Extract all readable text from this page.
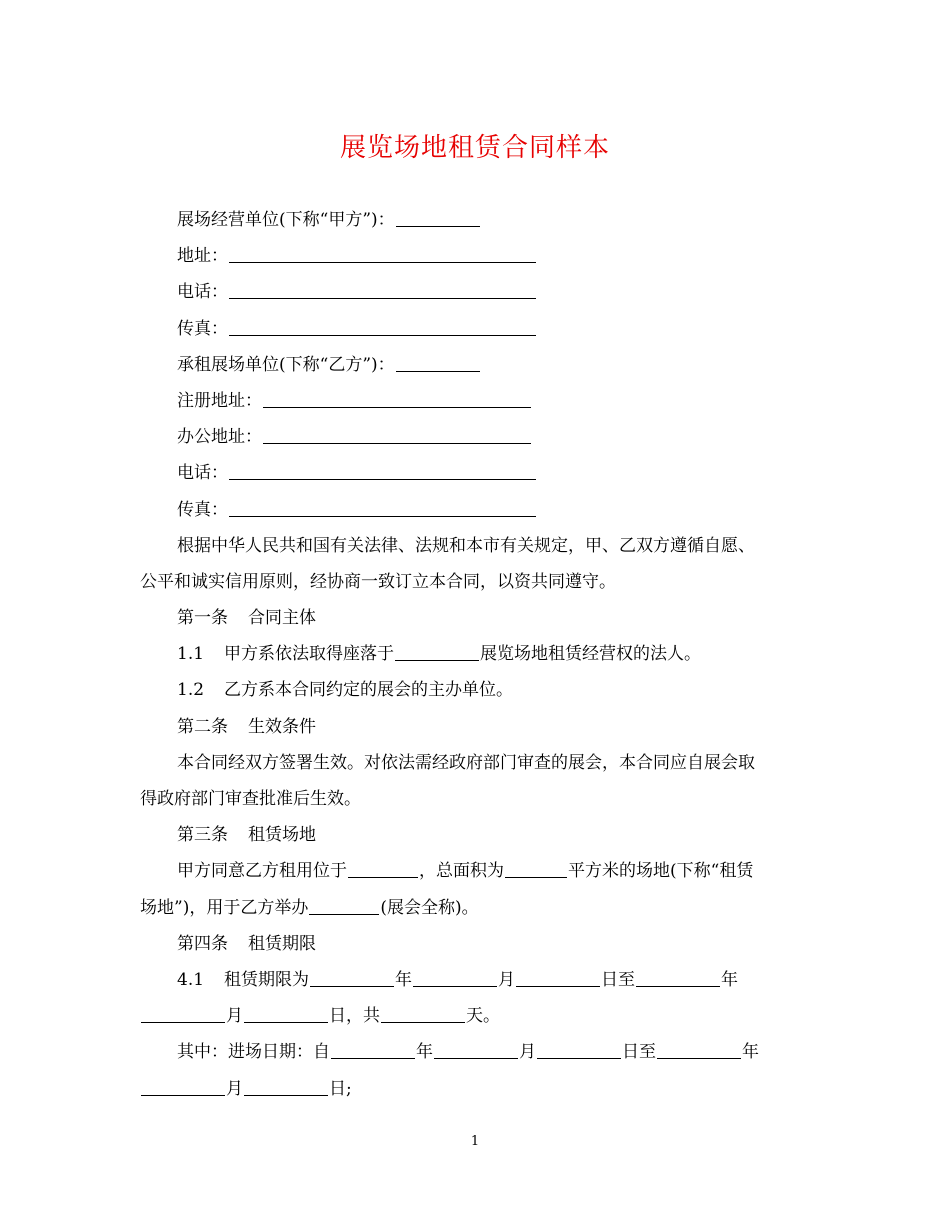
展览场地租赁合同样本
展场经营单位(下称“甲方”)：
地址：
电话：
传真：
承租展场单位(下称“乙方”)：
注册地址：
办公地址：
电话：
传真：
根据中华人民共和国有关法律、法规和本市有关规定，甲、乙双方遵循自愿、
公平和诚实信用原则，经协商一致订立本合同，以资共同遵守。
第一条 合同主体
1.1 甲方系依法取得座落于	展览场地租赁经营权的法人。
1.2 乙方系本合同约定的展会的主办单位。
第二条 生效条件
本合同经双方签署生效。对依法需经政府部门审查的展会，本合同应自展会取
得政府部门审查批准后生效。
第三条 租赁场地
甲方同意乙方租用位于	，总面积为	平方米的场地(下称“租赁
场地”)，用于乙方举办	(展会全称)。
第四条 租赁期限
4.1 租赁期限为	年	月	日至	年
月	日，共	天。
其中：进场日期：自	年	月	日至	年
月	日;
1
